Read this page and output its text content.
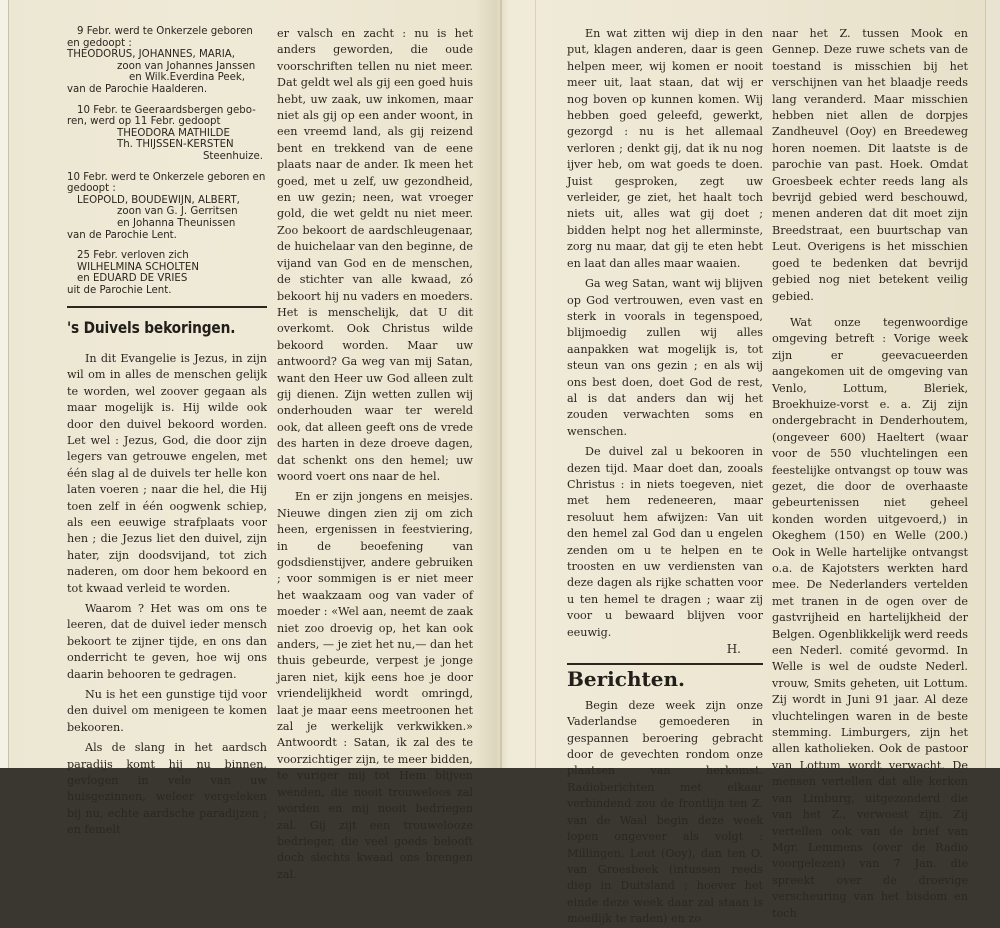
9 Febr. werd te Onkerzele geboren
en gedoopt :
THEODORUS, JOHANNES, MARIA,
zoon van Johannes Janssen
en Wilk.Everdina Peek,
van de Parochie Haalderen.
10 Febr. te Geeraardsbergen gebo-
ren, werd op 11 Febr. gedoopt
THEODORA MATHILDE
Th. THIJSSEN-KERSTEN
Steenhuize.
10 Febr. werd te Onkerzele geboren en
gedoopt :
LEOPOLD, BOUDEWIJN, ALBERT,
zoon van G. J. Gerritsen
en Johanna Theunissen
van de Parochie Lent.
25 Febr. verloven zich
WILHELMINA SCHOLTEN
en EDUARD DE VRIES
uit de Parochie Lent.
's Duivels bekoringen.

In dit Evangelie is Jezus, in zijn wil om in alles de menschen gelijk te worden, wel zoover gegaan als maar mogelijk is. Hij wilde ook door den duivel bekoord worden. Let wel : Jezus, God, die door zijn legers van getrouwe engelen, met één slag al de duivels ter helle kon laten voeren ; naar die hel, die Hij toen zelf in één oogwenk schiep, als een eeuwige strafplaats voor hen ; die Jezus liet den duivel, zijn hater, zijn doodsvijand, tot zich naderen, om door hem bekoord en tot kwaad verleid te worden.

Waarom ? Het was om ons te leeren, dat de duivel ieder mensch bekoort te zijner tijde, en ons dan onderricht te geven, hoe wij ons daarin behooren te gedragen.

Nu is het een gunstige tijd voor den duivel om menigeen te komen bekooren.

Als de slang in het aardsch paradijs komt hij nu binnen, gevlogen in vele van uw huisgezinnen, weleer vergeleken bij nu, echte aardsche paradijzen ; en femelt

er valsch en zacht : nu is het anders geworden, die oude voorschriften tellen nu niet meer. Dat geldt wel als gij een goed huis hebt, uw zaak, uw inkomen, maar niet als gij op een ander woont, in een vreemd land, als gij reizend bent en trekkend van de eene plaats naar de ander. Ik meen het goed, met u zelf, uw gezondheid, en uw gezin; neen, wat vroeger gold, die wet geldt nu niet meer. Zoo bekoort de aardschleugenaar, de huichelaar van den beginne, de vijand van God en de menschen, de stichter van alle kwaad, zó bekoort hij nu vaders en moeders. Het is menschelijk, dat U dit overkomt. Ook Christus wilde bekoord worden. Maar uw antwoord? Ga weg van mij Satan, want den Heer uw God alleen zult gij dienen. Zijn wetten zullen wij onderhouden waar ter wereld ook, dat alleen geeft ons de vrede des harten in deze droeve dagen, dat schenkt ons den hemel; uw woord voert ons naar de hel.

En er zijn jongens en meisjes. Nieuwe dingen zien zij om zich heen, ergenissen in feestviering, in de beoefening van godsdienstijver, andere gebruiken ; voor sommigen is er niet meer het waakzaam oog van vader of moeder : «Wel aan, neemt de zaak niet zoo droevig op, het kan ook anders, — je ziet het nu,— dan het thuis gebeurde, verpest je jonge jaren niet, kijk eens hoe je door vriendelijkheid wordt omringd, laat je maar eens meetroonen het zal je werkelijk verkwikken.» Antwoordt : Satan, ik zal des te voorzichtiger zijn, te meer bidden, te vuriger mij tot Hem blijven wenden, die nooit trouweloos zal worden en mij nooit bedriegen zal. Gij zijt een trouwelooze bedrieger, die veel goeds belooft doch slechts kwaad ons brengen zal.

En wat zitten wij diep in den put, klagen anderen, daar is geen helpen meer, wij komen er nooit meer uit, laat staan, dat wij er nog boven op kunnen komen. Wij hebben goed geleefd, gewerkt, gezorgd : nu is het allemaal verloren ; denkt gij, dat ik nu nog ijver heb, om wat goeds te doen. Juist gesproken, zegt uw verleider, ge ziet, het haalt toch niets uit, alles wat gij doet ; bidden helpt nog het allerminste, zorg nu maar, dat gij te eten hebt en laat dan alles maar waaien.

Ga weg Satan, want wij blijven op God vertrouwen, even vast en sterk in voorals in tegenspoed, blijmoedig zullen wij alles aanpakken wat mogelijk is, tot steun van ons gezin ; en als wij ons best doen, doet God de rest, al is dat anders dan wij het zouden verwachten soms en wenschen.

De duivel zal u bekooren in dezen tijd. Maar doet dan, zooals Christus : in niets toegeven, niet met hem redeneeren, maar resoluut hem afwijzen: Van uit den hemel zal God dan u engelen zenden om u te helpen en te troosten en uw verdiensten van deze dagen als rijke schatten voor u ten hemel te dragen ; waar zij voor u bewaard blijven voor eeuwig.

H.
Berichten.

Begin deze week zijn onze Vaderlandse gemoederen in gespannen beroering gebracht door de gevechten rondom onze plaatsen van herkomst. Radioberichten met elkaar verbindend zou de frontlijn ten Z. van de Waal begin deze week lopen ongeveer als volgt : Millingen, Leut (Ooy), dan ten O. van Groesbeek (intussen reeds diep in Duitsland ; hoever het einde deze week daar zal staan is moeilijk te raden) en zo

naar het Z. tussen Mook en Gennep. Deze ruwe schets van de toestand is misschien bij het verschijnen van het blaadje reeds lang veranderd. Maar misschien hebben niet allen de dorpjes Zandheuvel (Ooy) en Breedeweg horen noemen. Dit laatste is de parochie van past. Hoek. Omdat Groesbeek echter reeds lang als bevrijd gebied werd beschouwd, menen anderen dat dit moet zijn Breedstraat, een buurtschap van Leut. Overigens is het misschien goed te bedenken dat bevrijd gebied nog niet betekent veilig gebied.

Wat onze tegenwoordige omgeving betreft : Vorige week zijn er geevacueerden aangekomen uit de omgeving van Venlo, Lottum, Bleriek, Broekhuize-vorst e. a. Zij zijn ondergebracht in Denderhoutem, (ongeveer 600) Haeltert (waar voor de 550 vluchtelingen een feestelijke ontvangst op touw was gezet, die door de overhaaste gebeurtenissen niet geheel konden worden uitgevoerd,) in Okeghem (150) en Welle (200.) Ook in Welle hartelijke ontvangst o.a. de Kajotsters werkten hard mee. De Nederlanders vertelden met tranen in de ogen over de gastvrijheid en hartelijkheid der Belgen. Ogenblikkelijk werd reeds een Nederl. comité gevormd. In Welle is wel de oudste Nederl. vrouw, Smits geheten, uit Lottum. Zij wordt in Juni 91 jaar. Al deze vluchtelingen waren in de beste stemming. Limburgers, zijn het allen katholieken. Ook de pastoor van Lottum wordt verwacht. De mensen vertellen dat alle kerken van Limburg, uitgezonderd die van het Z., verwoest zijn. Zij vertellen ook van de brief van Mgr. Lemmens (over de Radio voorgelezen) van 7 Jan. die spreekt over de droevige verscheuring van het bisdom en toch
